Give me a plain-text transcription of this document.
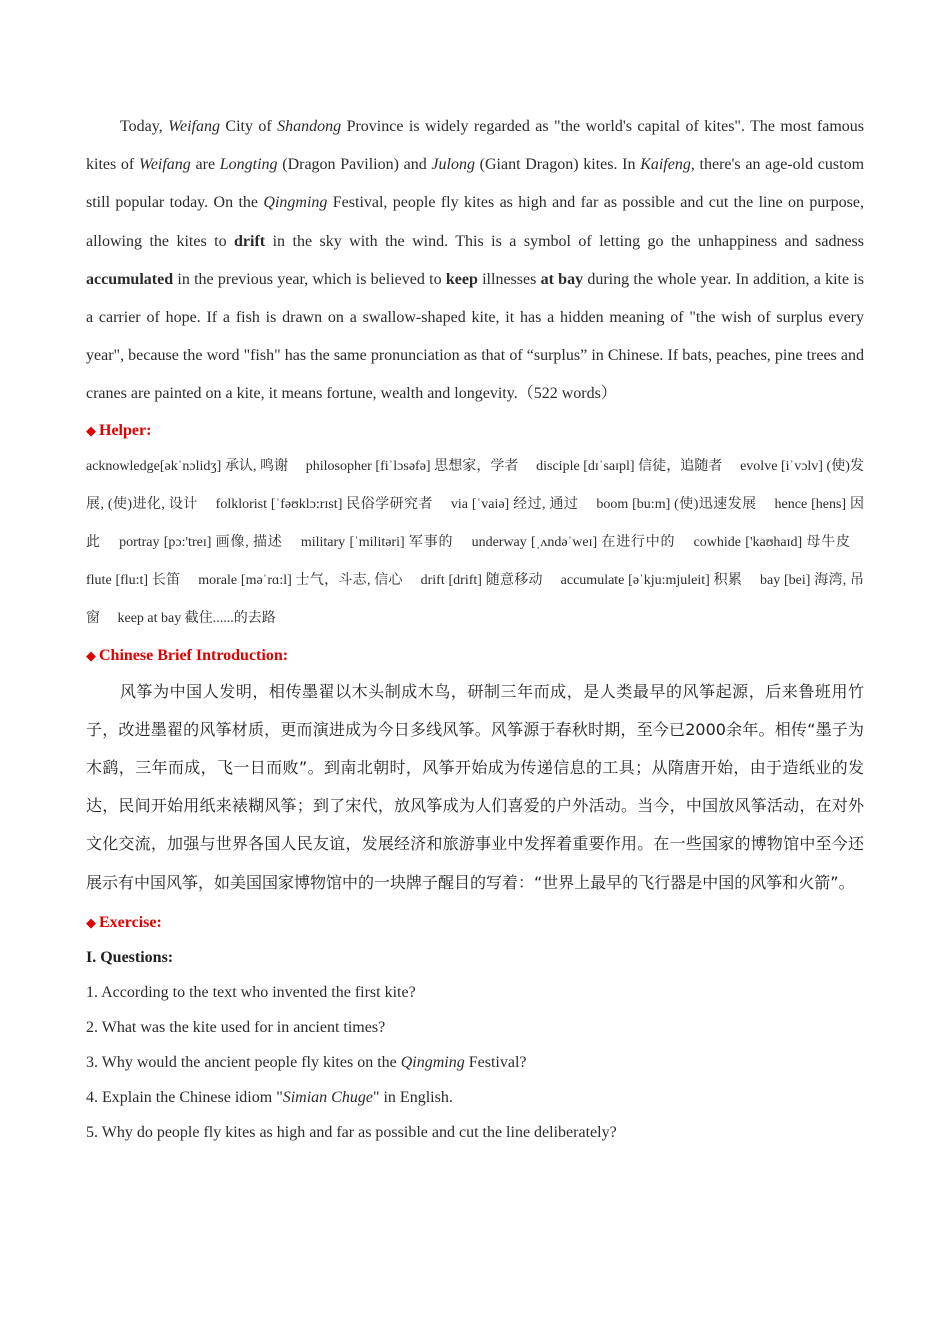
Today, Weifang City of Shandong Province is widely regarded as "the world's capital of kites". The most famous kites of Weifang are Longting (Dragon Pavilion) and Julong (Giant Dragon) kites. In Kaifeng, there's an age-old custom still popular today. On the Qingming Festival, people fly kites as high and far as possible and cut the line on purpose, allowing the kites to drift in the sky with the wind. This is a symbol of letting go the unhappiness and sadness accumulated in the previous year, which is believed to keep illnesses at bay during the whole year. In addition, a kite is a carrier of hope. If a fish is drawn on a swallow-shaped kite, it has a hidden meaning of "the wish of surplus every year", because the word "fish" has the same pronunciation as that of “surplus” in Chinese. If bats, peaches, pine trees and cranes are painted on a kite, it means fortune, wealth and longevity.（522 words）

◆ Helper:

acknowledge[əkˈnɔlidʒ] 承认, 鸣谢 philosopher [fiˈlɔsəfə] 思想家，学者 disciple [dɪˈsaɪpl] 信徒，追随者 evolve [iˈvɔlv] (使)发展, (使)进化, 设计 folklorist [ˈfəʊklɔ:rɪst] 民俗学研究者 via [ˈvaiə] 经过, 通过 boom [bu:m] (使)迅速发展 hence [hens] 因此 portray [pɔ:'treɪ] 画像, 描述 military [ˈmilitəri] 军事的 underway [ˌʌndəˈweɪ] 在进行中的 cowhide ['kaʊhaɪd] 母牛皮 flute [flu:t] 长笛 morale [məˈrɑ:l] 士气，斗志, 信心 drift [drift] 随意移动 accumulate [əˈkju:mjuleit] 积累 bay [bei] 海湾, 吊窗 keep at bay 截住......的去路

◆ Chinese Brief Introduction:

风筝为中国人发明，相传墨翟以木头制成木鸟，研制三年而成，是人类最早的风筝起源，后来鲁班用竹子，改进墨翟的风筝材质，更而演进成为今日多线风筝。风筝源于春秋时期，至今已2000余年。相传“墨子为木鹞，三年而成，飞一日而败”。到南北朝时，风筝开始成为传递信息的工具；从隋唐开始，由于造纸业的发达，民间开始用纸来裱糊风筝；到了宋代，放风筝成为人们喜爱的户外活动。当今，中国放风筝活动，在对外文化交流，加强与世界各国人民友谊，发展经济和旅游事业中发挥着重要作用。在一些国家的博物馆中至今还展示有中国风筝，如美国国家博物馆中的一块牌子醒目的写着：“世界上最早的飞行器是中国的风筝和火箭”。

◆ Exercise:

I. Questions:

1. According to the text who invented the first kite?

2. What was the kite used for in ancient times?

3. Why would the ancient people fly kites on the Qingming Festival?

4. Explain the Chinese idiom "Simian Chuge" in English.

5. Why do people fly kites as high and far as possible and cut the line deliberately?
